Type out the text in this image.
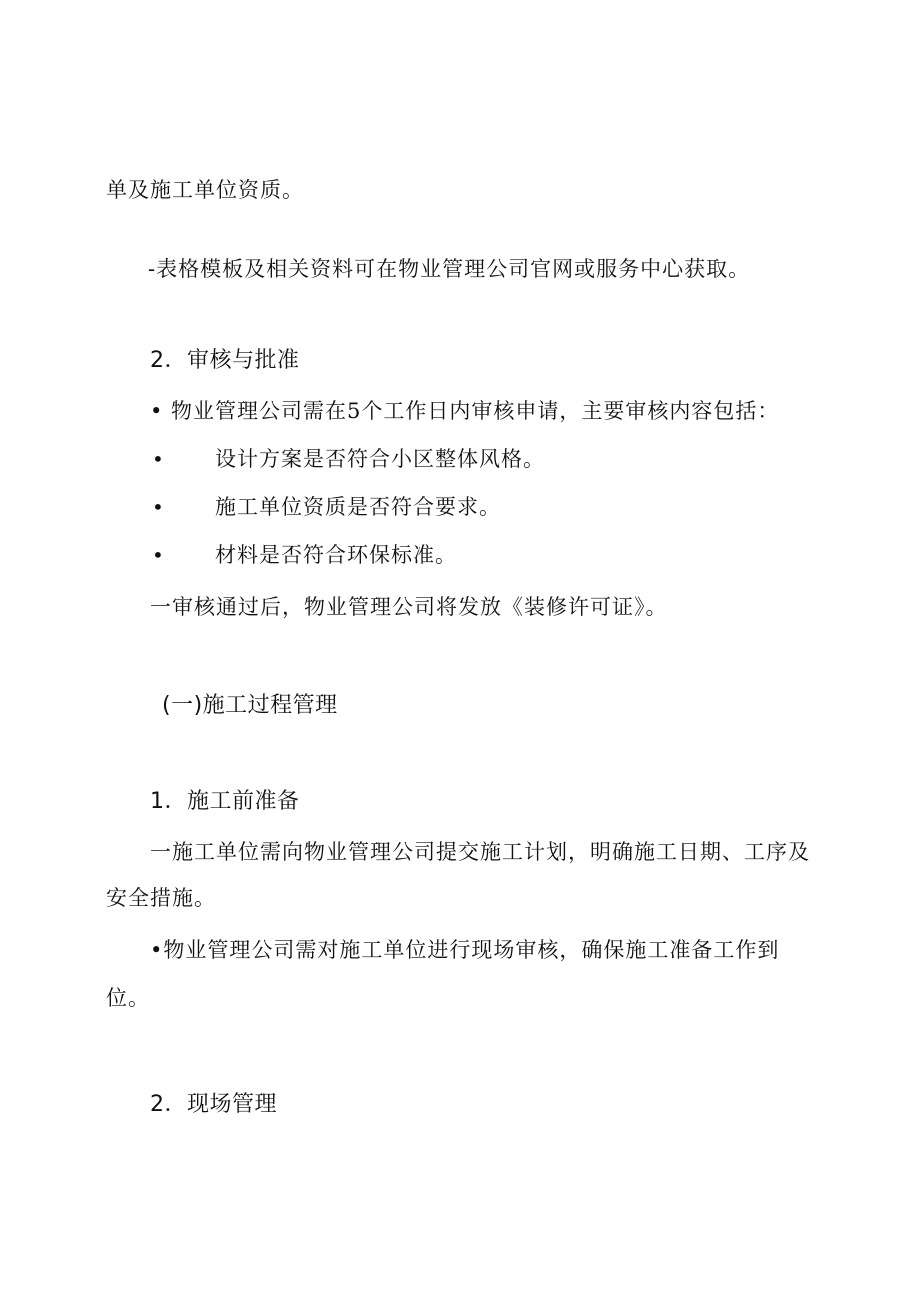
单及施工单位资质。
-表格模板及相关资料可在物业管理公司官网或服务中心获取。
2．审核与批准
• 物业管理公司需在5个工作日内审核申请，主要审核内容包括：
• 设计方案是否符合小区整体风格。
• 施工单位资质是否符合要求。
• 材料是否符合环保标准。
一审核通过后，物业管理公司将发放《装修许可证》。
(一)施工过程管理
1．施工前准备
一施工单位需向物业管理公司提交施工计划，明确施工日期、工序及
安全措施。
•物业管理公司需对施工单位进行现场审核，确保施工准备工作到
位。
2．现场管理
